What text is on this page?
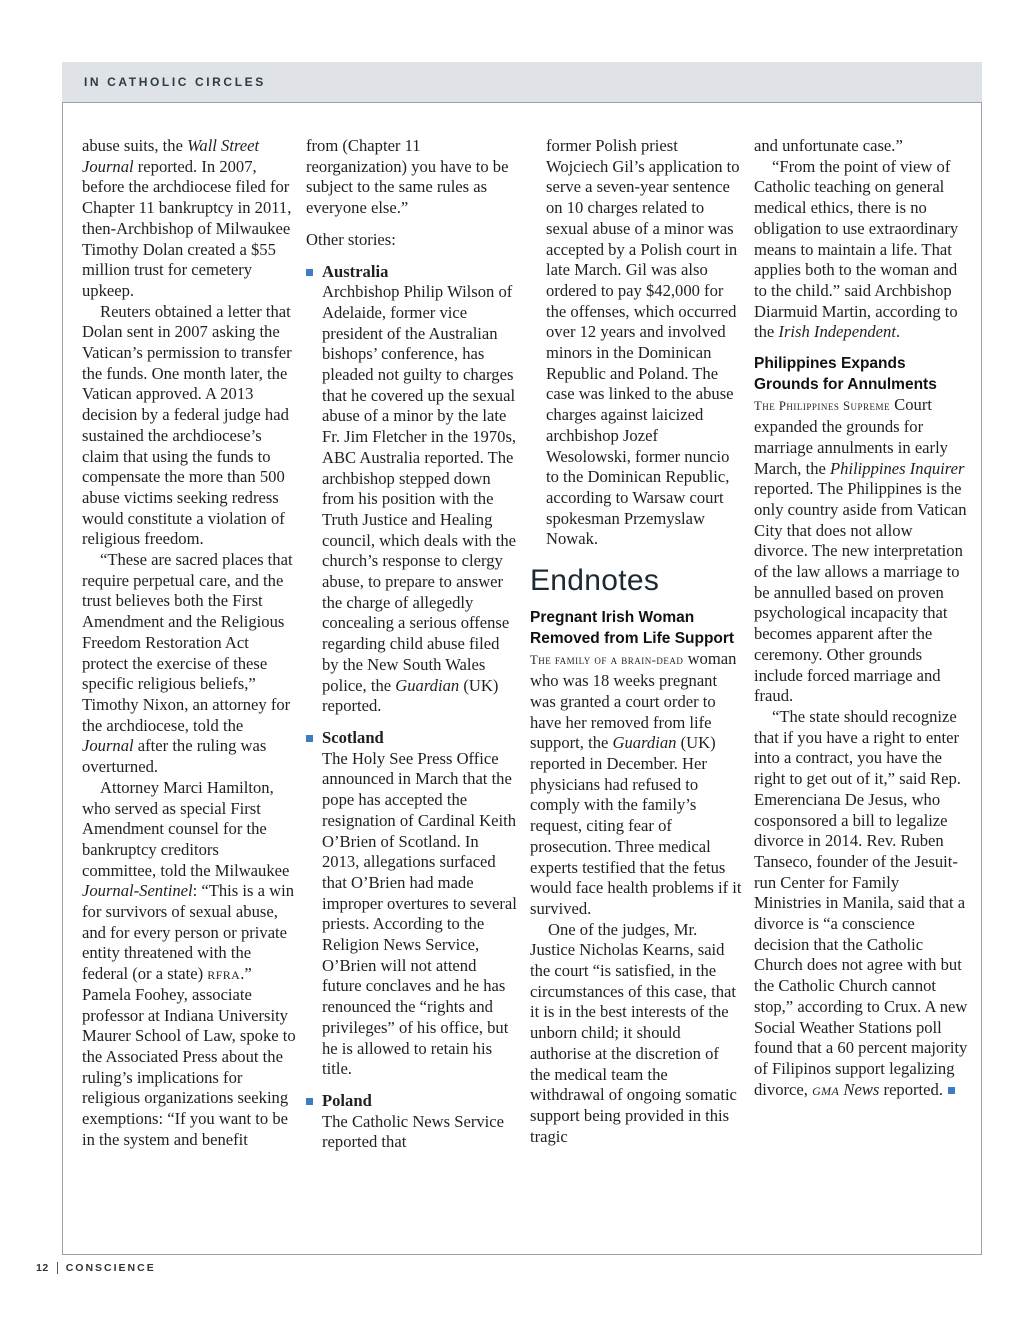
IN CATHOLIC CIRCLES

abuse suits, the Wall Street Journal reported. In 2007, before the archdiocese filed for Chapter 11 bankruptcy in 2011, then-Archbishop of Milwaukee Timothy Dolan created a $55 million trust for cemetery upkeep.

Reuters obtained a letter that Dolan sent in 2007 asking the Vatican’s permission to transfer the funds. One month later, the Vatican approved. A 2013 decision by a federal judge had sustained the archdiocese’s claim that using the funds to compensate the more than 500 abuse victims seeking redress would constitute a violation of religious freedom.

“These are sacred places that require perpetual care, and the trust believes both the First Amendment and the Religious Freedom Restoration Act protect the exercise of these specific religious beliefs,” Timothy Nixon, an attorney for the archdiocese, told the Journal after the ruling was overturned.

Attorney Marci Hamilton, who served as special First Amendment counsel for the bankruptcy creditors committee, told the Milwaukee Journal-Sentinel: “This is a win for survivors of sexual abuse, and for every person or private entity threatened with the federal (or a state) rfra.” Pamela Foohey, associate professor at Indiana University Maurer School of Law, spoke to the Associated Press about the ruling’s implications for religious organizations seeking exemptions: “If you want to be in the system and benefit

from (Chapter 11 reorganization) you have to be subject to the same rules as everyone else.”

Other stories:

Australia

Archbishop Philip Wilson of Adelaide, former vice president of the Australian bishops’ conference, has pleaded not guilty to charges that he covered up the sexual abuse of a minor by the late Fr. Jim Fletcher in the 1970s, ABC Australia reported. The archbishop stepped down from his position with the Truth Justice and Healing council, which deals with the church’s response to clergy abuse, to prepare to answer the charge of allegedly concealing a serious offense regarding child abuse filed by the New South Wales police, the Guardian (UK) reported.

Scotland

The Holy See Press Office announced in March that the pope has accepted the resignation of Cardinal Keith O’Brien of Scotland. In 2013, allegations surfaced that O’Brien had made improper overtures to several priests. According to the Religion News Service, O’Brien will not attend future conclaves and he has renounced the “rights and privileges” of his office, but he is allowed to retain his title.

Poland

The Catholic News Service reported that

former Polish priest Wojciech Gil’s application to serve a seven-year sentence on 10 charges related to sexual abuse of a minor was accepted by a Polish court in late March. Gil was also ordered to pay $42,000 for the offenses, which occurred over 12 years and involved minors in the Dominican Republic and Poland. The case was linked to the abuse charges against laicized archbishop Jozef Wesolowski, former nuncio to the Dominican Republic, according to Warsaw court spokesman Przemyslaw Nowak.

Endnotes
Pregnant Irish Woman Removed from Life Support

The family of a brain-dead woman who was 18 weeks pregnant was granted a court order to have her removed from life support, the Guardian (UK) reported in December. Her physicians had refused to comply with the family’s request, citing fear of prosecution. Three medical experts testified that the fetus would face health problems if it survived.

One of the judges, Mr. Justice Nicholas Kearns, said the court “is satisfied, in the circumstances of this case, that it is in the best interests of the unborn child; it should authorise at the discretion of the medical team the withdrawal of ongoing somatic support being provided in this tragic

and unfortunate case.”

“From the point of view of Catholic teaching on general medical ethics, there is no obligation to use extraordinary means to maintain a life. That applies both to the woman and to the child.” said Archbishop Diarmuid Martin, according to the Irish Independent.

Philippines Expands Grounds for Annulments

The Philippines Supreme Court expanded the grounds for marriage annulments in early March, the Philippines Inquirer reported. The Philippines is the only country aside from Vatican City that does not allow divorce. The new interpretation of the law allows a marriage to be annulled based on proven psychological incapacity that becomes apparent after the ceremony. Other grounds include forced marriage and fraud.

“The state should recognize that if you have a right to enter into a contract, you have the right to get out of it,” said Rep. Emerenciana De Jesus, who cosponsored a bill to legalize divorce in 2014. Rev. Ruben Tanseco, founder of the Jesuit-run Center for Family Ministries in Manila, said that a divorce is “a conscience decision that the Catholic Church does not agree with but the Catholic Church cannot stop,” according to Crux. A new Social Weather Stations poll found that a 60 percent majority of Filipinos support legalizing divorce, gma News reported.

12 CONSCIENCE
